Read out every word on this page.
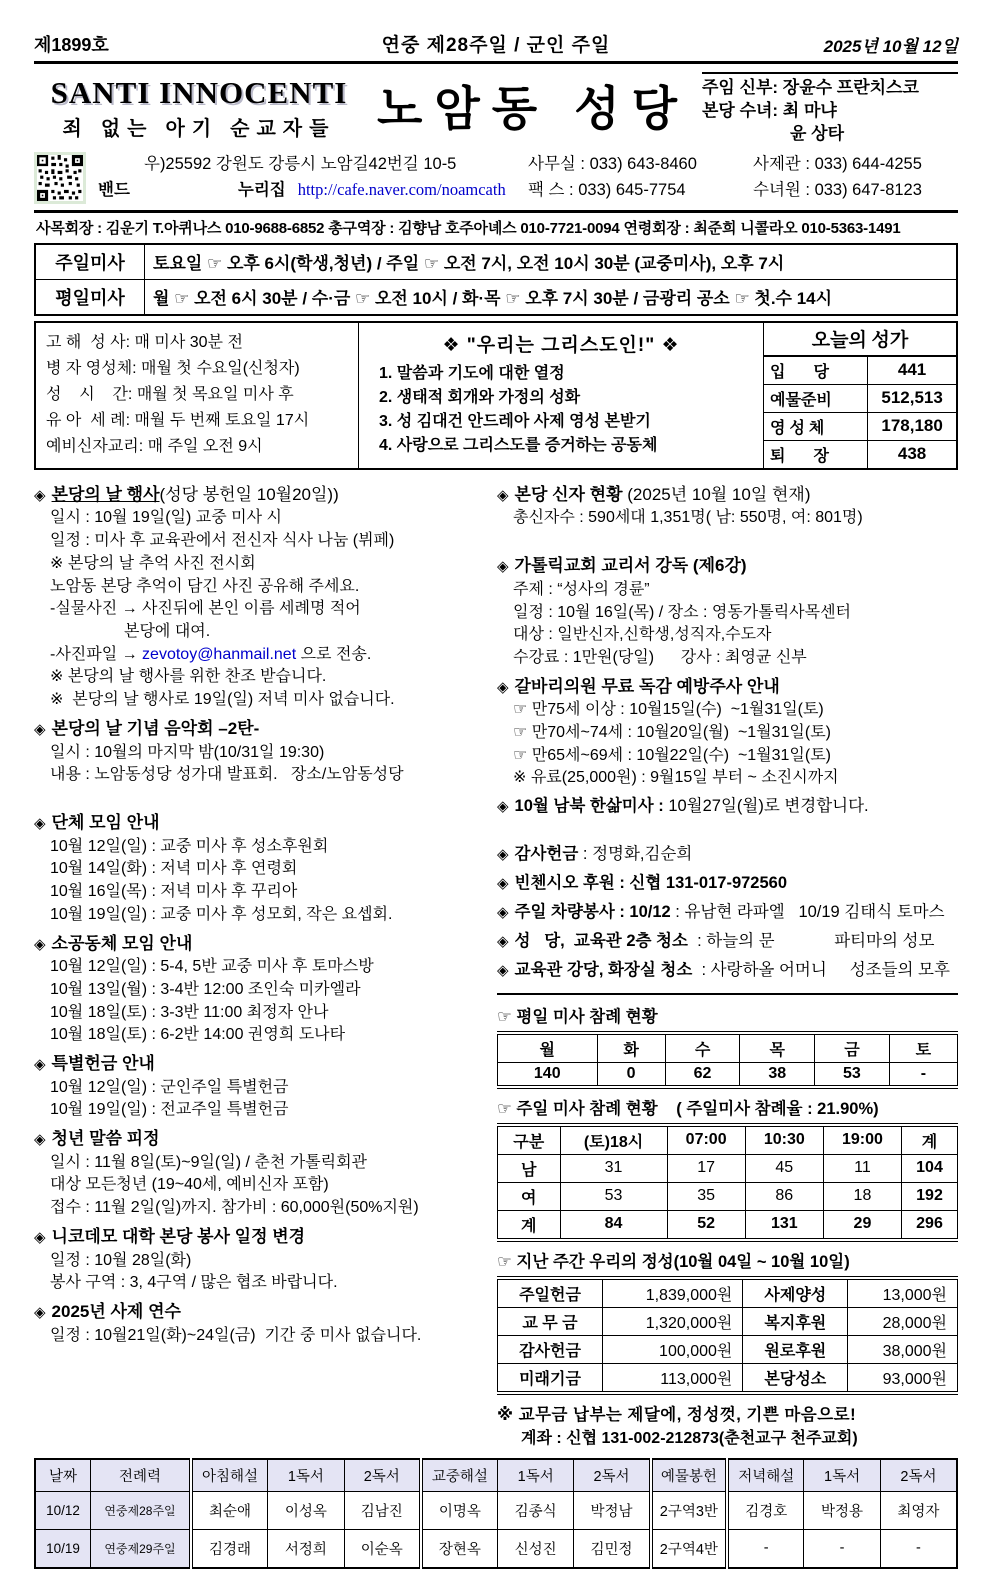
제1899호	연중 제28주일 / 군인 주일	2025년 10월 12일
SANTI INNOCENTI
죄 없는 아기 순교자들 노암동 성당 주임 신부: 장윤수 프란치스코
본당 수녀: 최 마냐
윤 상타
우)25592 강원도 강릉시 노암길42번길 10-5
밴드	누리집 http://cafe.naver.com/noamcath
사무실 : 033) 643-8460
팩 스 : 033) 645-7754
사제관 : 033) 644-4255
수녀원 : 033) 647-8123
사목회장 : 김운기 T.아퀴나스 010-9688-6852 총구역장 : 김향남 호주아녜스 010-7721-0094 연령회장 : 최준희 니콜라오 010-5363-1491
주일미사	토요일 ☞ 오후 6시(학생,청년) / 주일 ☞ 오전 7시, 오전 10시 30분 (교중미사), 오후 7시
평일미사	월 ☞ 오전 6시 30분 / 수·금 ☞ 오전 10시 / 화·목 ☞ 오후 7시 30분 / 금광리 공소 ☞ 첫.수 14시
고 해  성 사: 매 미사 30분 전
병 자 영성체: 매월 첫 수요일(신청자)
성    시    간: 매월 첫 목요일 미사 후
유 아  세 례: 매월 두 번째 토요일 17시
예비신자교리: 매 주일 오전 9시
❖ "우리는 그리스도인!" ❖
1. 말씀과 기도에 대한 열정
2. 생태적 회개와 가정의 성화
3. 성 김대건 안드레아 사제 영성 본받기
4. 사랑으로 그리스도를 증거하는 공동체
오늘의 성가
입       당	441
예물준비	512,513
영 성 체	178,180
퇴       장	438
◈ 본당의 날 행사(성당 봉헌일 10월20일))
일시 : 10월 19일(일) 교중 미사 시
일정 : 미사 후 교육관에서 전신자 식사 나눔 (뷔페)
※ 본당의 날 추억 사진 전시회
노암동 본당 추억이 담긴 사진 공유해 주세요.
-실물사진 → 사진뒤에 본인 이름 세례명 적어
본당에 대여.
-사진파일 → zevotoy@hanmail.net 으로 전송.
※ 본당의 날 행사를 위한 찬조 받습니다.
※  본당의 날 행사로 19일(일) 저녁 미사 없습니다.
◈ 본당의 날 기념 음악회 –2탄-
일시 : 10월의 마지막 밤(10/31일 19:30)
내용 : 노암동성당 성가대 발표회.   장소/노암동성당
◈ 단체 모임 안내
10월 12일(일) : 교중 미사 후 성소후원회
10월 14일(화) : 저녁 미사 후 연령회
10월 16일(목) : 저녁 미사 후 꾸리아
10월 19일(일) : 교중 미사 후 성모회, 작은 요셉회.
◈ 소공동체 모임 안내
10월 12일(일) : 5-4, 5반 교중 미사 후 토마스방
10월 13일(월) : 3-4반 12:00 조인숙 미카엘라
10월 18일(토) : 3-3반 11:00 최정자 안나
10월 18일(토) : 6-2반 14:00 권영희 도나타
◈ 특별헌금 안내
10월 12일(일) : 군인주일 특별헌금
10월 19일(일) : 전교주일 특별헌금
◈ 청년 말씀 피정
일시 : 11월 8일(토)~9일(일) / 춘천 가톨릭회관
대상 모든청년 (19~40세, 예비신자 포함)
접수 : 11월 2일(일)까지. 참가비 : 60,000원(50%지원)
◈ 니코데모 대학 본당 봉사 일정 변경
일정 : 10월 28일(화)
봉사 구역 : 3, 4구역 / 많은 협조 바랍니다.
◈ 2025년 사제 연수
일정 : 10월21일(화)~24일(금)  기간 중 미사 없습니다.
◈ 본당 신자 현황 (2025년 10월 10일 현재)
총신자수 : 590세대 1,351명( 남: 550명, 여: 801명)
◈ 가톨릭교회 교리서 강독 (제6강)
주제 : “성사의 경륜”
일정 : 10월 16일(목) / 장소 : 영동가톨릭사목센터
대상 : 일반신자,신학생,성직자,수도자
수강료 : 1만원(당일)      강사 : 최영균 신부
◈ 갈바리의원 무료 독감 예방주사 안내
☞ 만75세 이상 : 10월15일(수)  ~1월31일(토)
☞ 만70세~74세 : 10월20일(월)  ~1월31일(토)
☞ 만65세~69세 : 10월22일(수)  ~1월31일(토)
※ 유료(25,000원) : 9월15일 부터 ~ 소진시까지
◈ 10월 남북 한삶미사 : 10월27일(월)로 변경합니다.
◈ 감사헌금 : 정명화,김순희
◈ 빈첸시오 후원 : 신협 131-017-972560
◈ 주일 차량봉사 : 10/12 : 유남현 라파엘   10/19 김태식 토마스
◈ 성   당,  교육관 2층 청소  : 하늘의 문             파티마의 성모
◈ 교육관 강당, 화장실 청소  : 사랑하올 어머니     성조들의 모후
☞ 평일 미사 참례 현황
월	화	수	목	금	토
140	0	62	38	53	-
☞ 주일 미사 참례 현황 ( 주일미사 참례율 : 21.90%)
구분	(토)18시	07:00	10:30	19:00	계
남	31	17	45	11	104
여	53	35	86	18	192
계	84	52	131	29	296
☞ 지난 주간 우리의 정성(10월 04일 ~ 10월 10일)
주일헌금	1,839,000원	사제양성	13,000원
교 무 금	1,320,000원	복지후원	28,000원
감사헌금	100,000원	원로후원	38,000원
미래기금	113,000원	본당성소	93,000원
※ 교무금 납부는 제달에, 정성껏, 기쁜 마음으로!
계좌 : 신협 131-002-212873(춘천교구 천주교회)
날짜	전례력	아침해설	1독서	2독서	교중해설	1독서	2독서	예물봉헌	저녁해설	1독서	2독서
10/12	연중제28주일	최순애	이성옥	김남진	이명옥	김종식	박정남	2구역3반	김경호	박정용	최영자
10/19	연중제29주일	김경래	서정희	이순옥	장현옥	신성진	김민정	2구역4반	-	-	-
